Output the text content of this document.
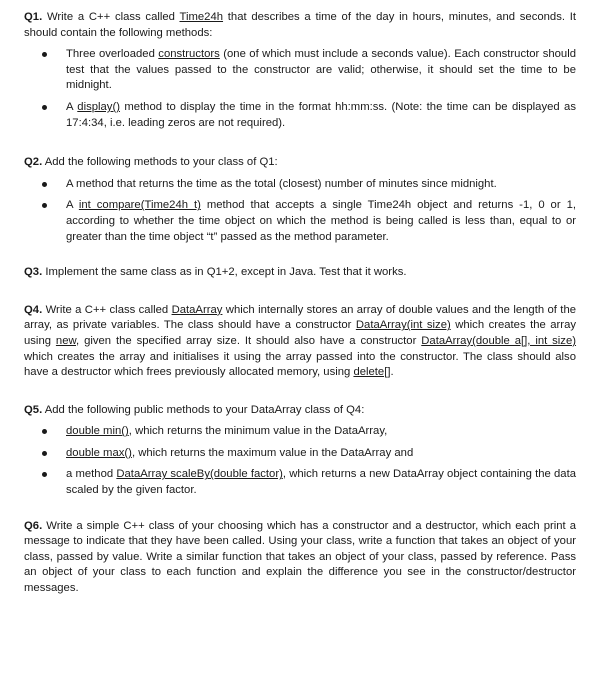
Q1. Write a C++ class called Time24h that describes a time of the day in hours, minutes, and seconds. It should contain the following methods:

Three overloaded constructors (one of which must include a seconds value). Each constructor should test that the values passed to the constructor are valid; otherwise, it should set the time to be midnight.
A display() method to display the time in the format hh:mm:ss. (Note: the time can be displayed as 17:4:34, i.e. leading zeros are not required).

Q2. Add the following methods to your class of Q1:

A method that returns the time as the total (closest) number of minutes since midnight.
A int compare(Time24h t) method that accepts a single Time24h object and returns -1, 0 or 1, according to whether the time object on which the method is being called is less than, equal to or greater than the time object “t” passed as the method parameter.

Q3. Implement the same class as in Q1+2, except in Java. Test that it works.

Q4. Write a C++ class called DataArray which internally stores an array of double values and the length of the array, as private variables. The class should have a constructor DataArray(int size) which creates the array using new, given the specified array size. It should also have a constructor DataArray(double a[], int size) which creates the array and initialises it using the array passed into the constructor. The class should also have a destructor which frees previously allocated memory, using delete[].

Q5. Add the following public methods to your DataArray class of Q4:

double min(), which returns the minimum value in the DataArray,
double max(), which returns the maximum value in the DataArray and
a method DataArray scaleBy(double factor), which returns a new DataArray object containing the data scaled by the given factor.

Q6. Write a simple C++ class of your choosing which has a constructor and a destructor, which each print a message to indicate that they have been called. Using your class, write a function that takes an object of your class, passed by value. Write a similar function that takes an object of your class, passed by reference. Pass an object of your class to each function and explain the difference you see in the constructor/destructor messages.
